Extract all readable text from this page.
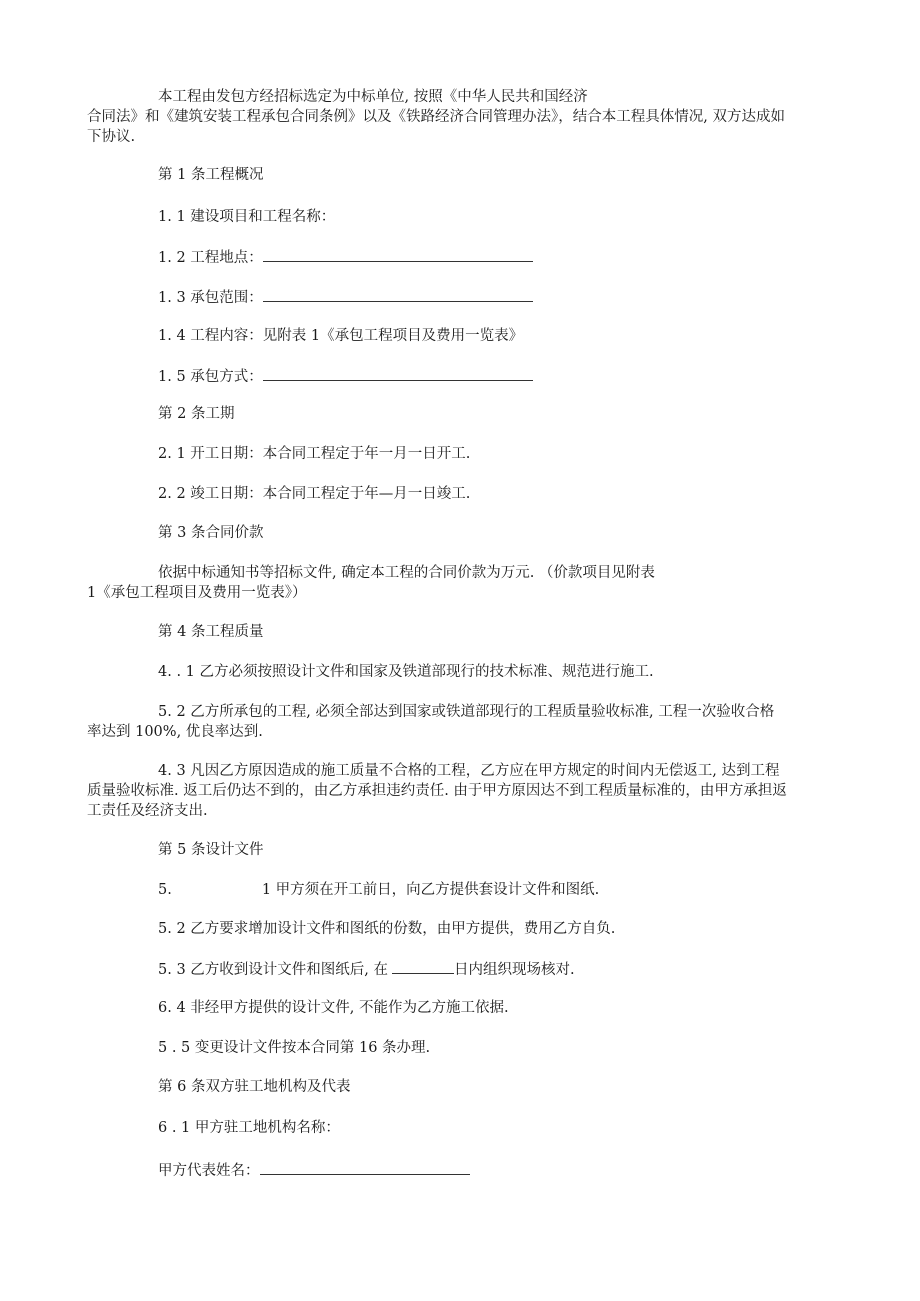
本工程由发包方经招标选定为中标单位, 按照《中华人民共和国经济
合同法》和《建筑安装工程承包合同条例》以及《铁路经济合同管理办法》，结合本工程具体情况, 双方达成如
下协议.
第 1 条工程概况
1. 1 建设项目和工程名称：
1. 2 工程地点：
1. 3 承包范围：
1. 4 工程内容：见附表 1《承包工程项目及费用一览表》
1. 5 承包方式：
第 2 条工期
2. 1 开工日期：本合同工程定于年一月一日开工.
2. 2 竣工日期：本合同工程定于年—月一日竣工.
第 3 条合同价款
依据中标通知书等招标文件, 确定本工程的合同价款为万元. （价款项目见附表
1《承包工程项目及费用一览表》）
第 4 条工程质量
4. . 1 乙方必须按照设计文件和国家及铁道部现行的技术标准、规范进行施工.
5. 2 乙方所承包的工程, 必须全部达到国家或铁道部现行的工程质量验收标准, 工程一次验收合格
率达到 100%, 优良率达到.
4. 3 凡因乙方原因造成的施工质量不合格的工程，乙方应在甲方规定的时间内无偿返工, 达到工程
质量验收标准. 返工后仍达不到的，由乙方承担违约责任. 由于甲方原因达不到工程质量标准的，由甲方承担返
工责任及经济支出.
第 5 条设计文件
5.	1 甲方须在开工前日，向乙方提供套设计文件和图纸.
5. 2 乙方要求增加设计文件和图纸的份数，由甲方提供，费用乙方自负.
5. 3 乙方收到设计文件和图纸后, 在	日内组织现场核对.
6. 4 非经甲方提供的设计文件, 不能作为乙方施工依据.
5 . 5 变更设计文件按本合同第 16 条办理.
第 6 条双方驻工地机构及代表
6 . 1 甲方驻工地机构名称：
甲方代表姓名：
